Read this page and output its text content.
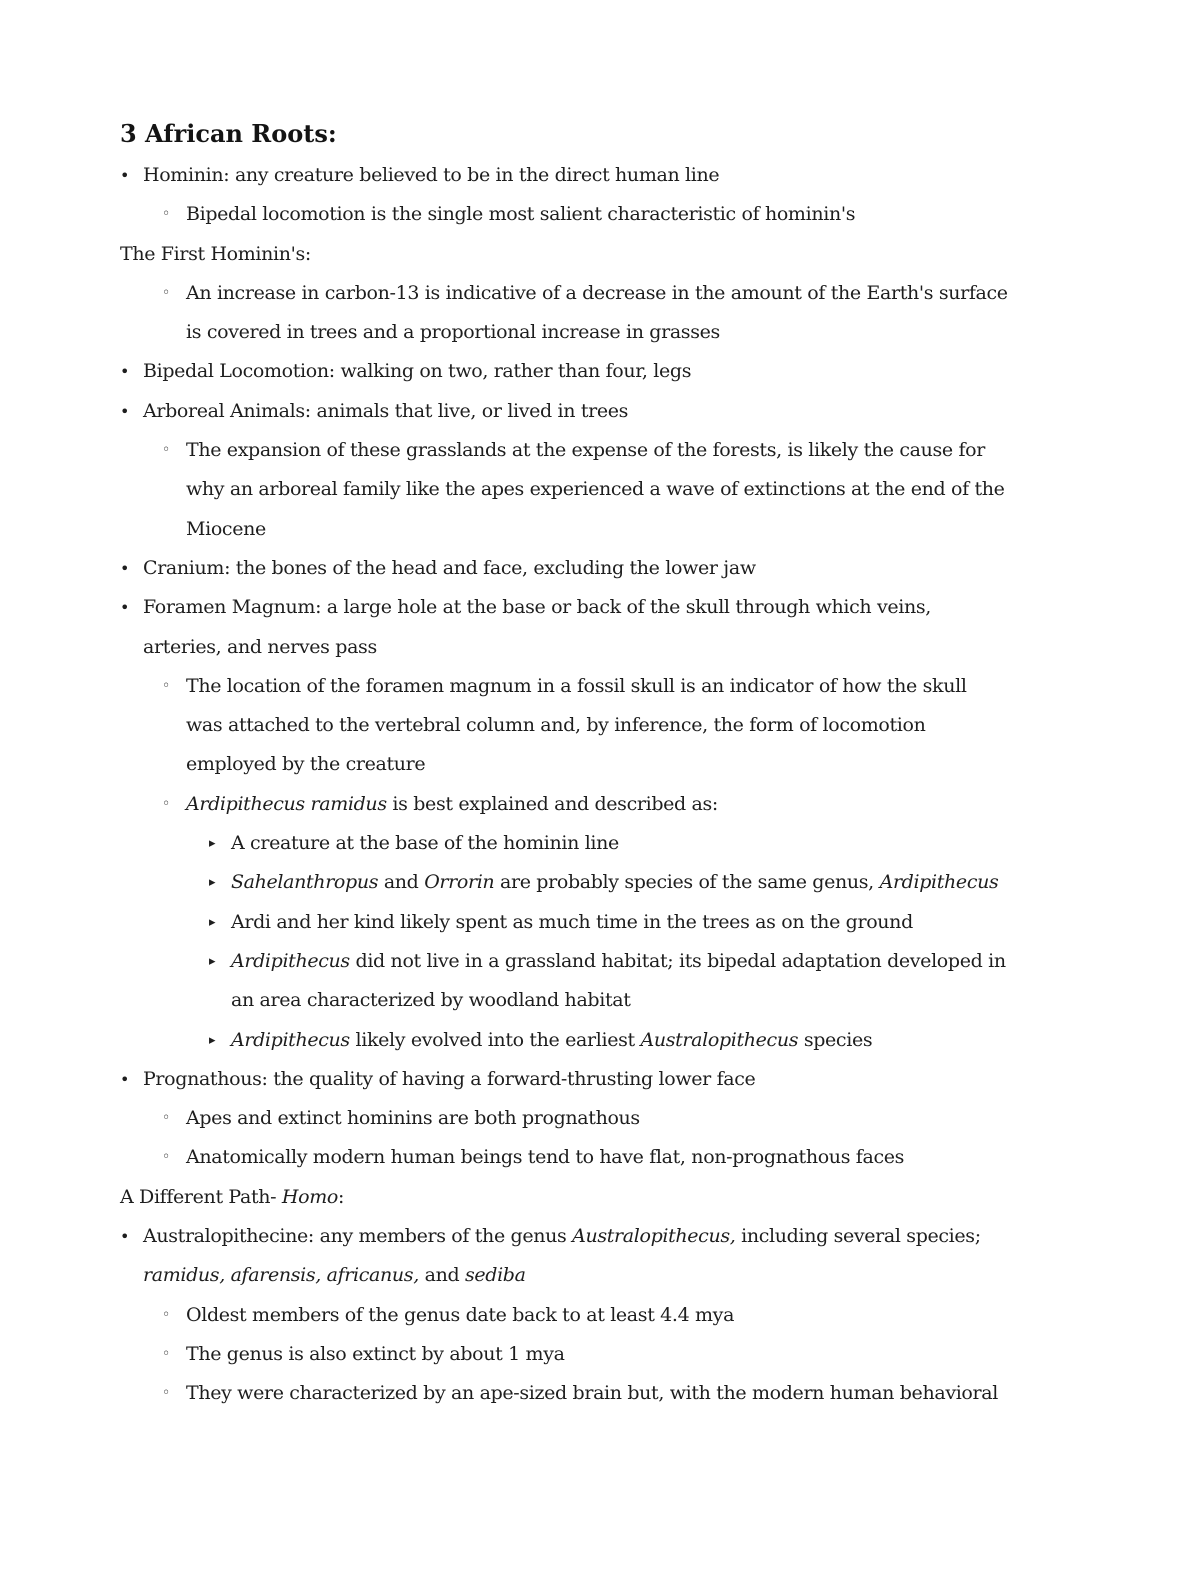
3 African Roots:
• Hominin: any creature believed to be in the direct human line
◦ Bipedal locomotion is the single most salient characteristic of hominin's
The First Hominin's:
◦ An increase in carbon-13 is indicative of a decrease in the amount of the Earth's surface
is covered in trees and a proportional increase in grasses
• Bipedal Locomotion: walking on two, rather than four, legs
• Arboreal Animals: animals that live, or lived in trees
◦ The expansion of these grasslands at the expense of the forests, is likely the cause for
why an arboreal family like the apes experienced a wave of extinctions at the end of the
Miocene
• Cranium: the bones of the head and face, excluding the lower jaw
• Foramen Magnum: a large hole at the base or back of the skull through which veins,
arteries, and nerves pass
◦ The location of the foramen magnum in a fossil skull is an indicator of how the skull
was attached to the vertebral column and, by inference, the form of locomotion
employed by the creature
◦ Ardipithecus ramidus is best explained and described as:
▸ A creature at the base of the hominin line
▸ Sahelanthropus and Orrorin are probably species of the same genus, Ardipithecus
▸ Ardi and her kind likely spent as much time in the trees as on the ground
▸ Ardipithecus did not live in a grassland habitat; its bipedal adaptation developed in
an area characterized by woodland habitat
▸ Ardipithecus likely evolved into the earliest Australopithecus species
• Prognathous: the quality of having a forward-thrusting lower face
◦ Apes and extinct hominins are both prognathous
◦ Anatomically modern human beings tend to have flat, non-prognathous faces
A Different Path- Homo:
• Australopithecine: any members of the genus Australopithecus, including several species;
ramidus, afarensis, africanus, and sediba
◦ Oldest members of the genus date back to at least 4.4 mya
◦ The genus is also extinct by about 1 mya
◦ They were characterized by an ape-sized brain but, with the modern human behavioral
